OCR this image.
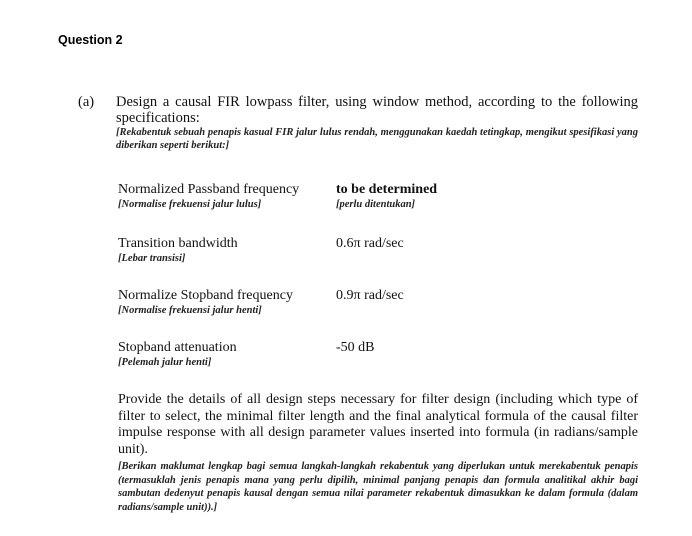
Question 2
(a) Design a causal FIR lowpass filter, using window method, according to the following specifications:
[Rekabentuk sebuah penapis kasual FIR jalur lulus rendah, menggunakan kaedah tetingkap, mengikut spesifikasi yang diberikan seperti berikut:]
Normalized Passband frequency
[Normalise frekuensi jalur lulus]
to be determined
[perlu ditentukan]
Transition bandwidth
[Lebar transisi]
0.6π rad/sec
Normalize Stopband frequency
[Normalise frekuensi jalur henti]
0.9π rad/sec
Stopband attenuation
[Pelemah jalur henti]
-50 dB
Provide the details of all design steps necessary for filter design (including which type of filter to select, the minimal filter length and the final analytical formula of the causal filter impulse response with all design parameter values inserted into formula (in radians/sample unit).
[Berikan maklumat lengkap bagi semua langkah-langkah rekabentuk yang diperlukan untuk merekabentuk penapis (termasuklah jenis penapis mana yang perlu dipilih, minimal panjang penapis dan formula analitikal akhir bagi sambutan dedenyut penapis kausal dengan semua nilai parameter rekabentuk dimasukkan ke dalam formula (dalam radians/sample unit)).]
